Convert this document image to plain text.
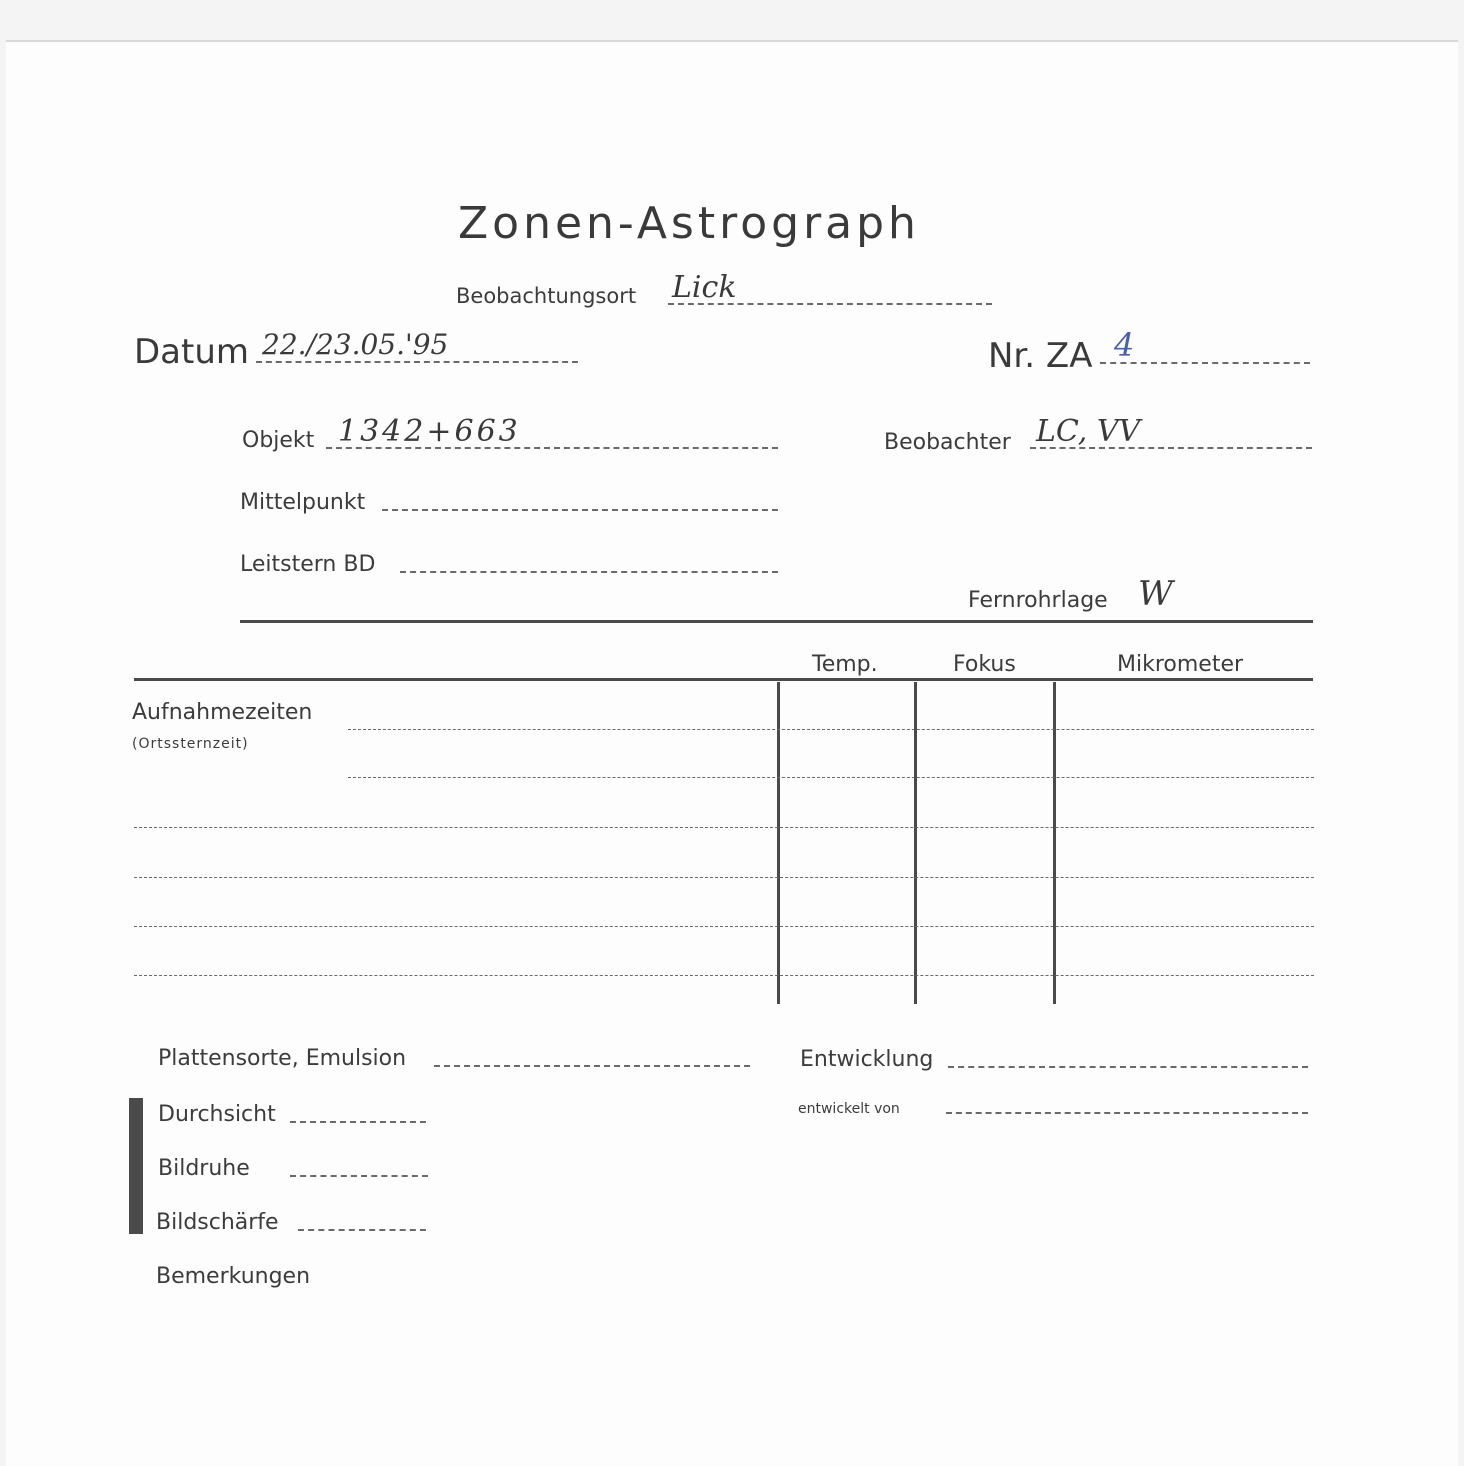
Zonen-Astrograph
Beobachtungsort Lick
Datum 22./23.05.'95	Nr. ZA 4
Objekt 1342+663	Beobachter LC, VV
Mittelpunkt
Leitstern BD
Fernrohrlage W
Temp.	Fokus	Mikrometer
Aufnahmezeiten
(Ortssternzeit)
Plattensorte, Emulsion	Entwicklung
entwickelt von
Durchsicht
Bildruhe
Bildschärfe
Bemerkungen
